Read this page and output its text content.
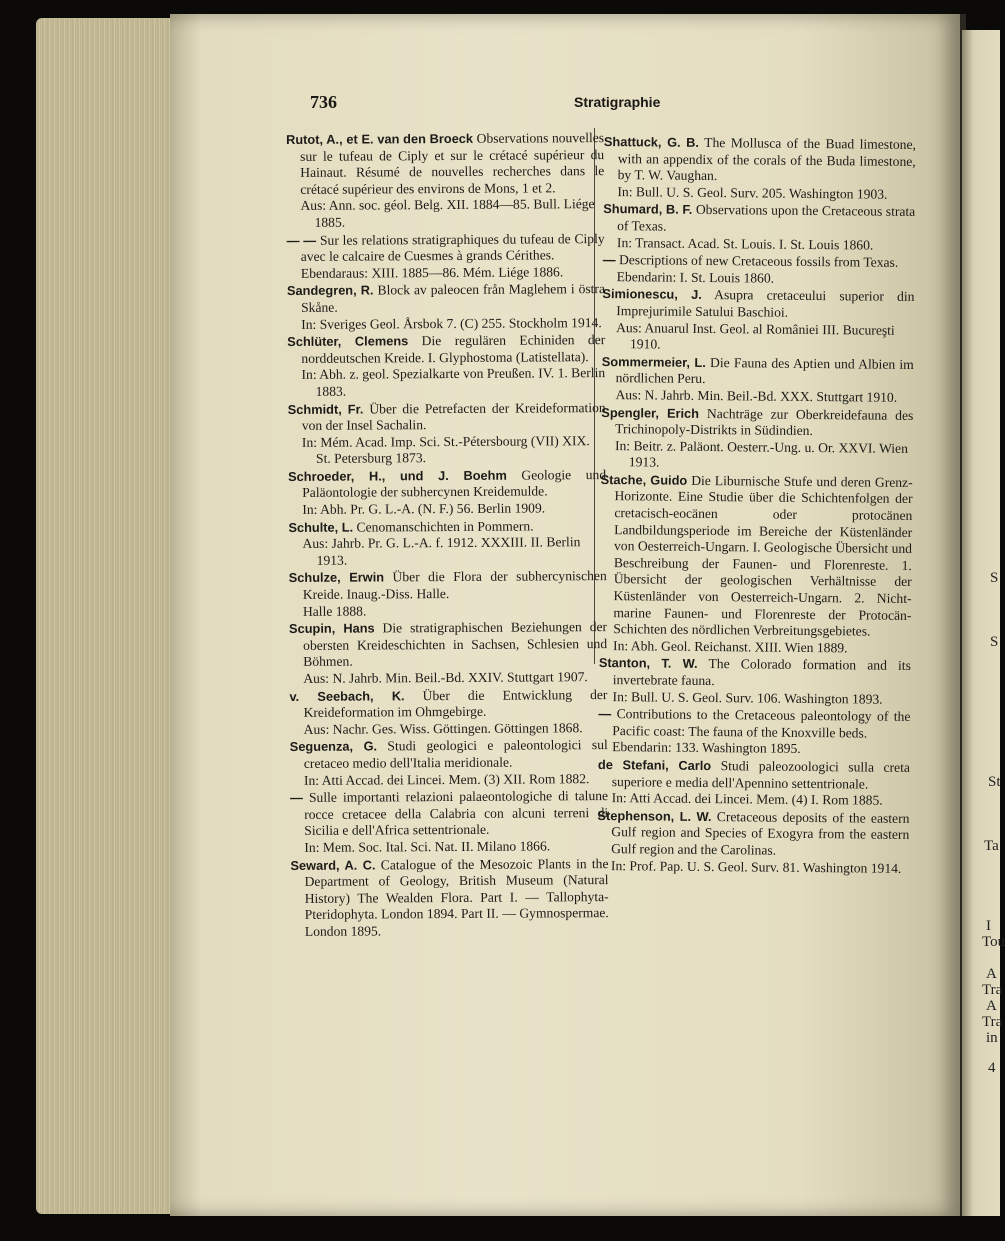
S
S
St
Ta
I
Tou
A
Tra
A
Tra
in
4
736	Stratigraphie
Rutot, A., et E. van den Broeck Observations nouvelles sur le tufeau de Ciply et sur le crétacé supérieur du Hainaut. Résumé de nouvelles recherches dans le crétacé supérieur des environs de Mons, 1 et 2.
Aus: Ann. soc. géol. Belg. XII. 1884—85. Bull. Liége 1885.
— — Sur les relations stratigraphiques du tufeau de Ciply avec le calcaire de Cuesmes à grands Cérithes.
Ebendaraus: XIII. 1885—86. Mém. Liége 1886.
Sandegren, R. Block av paleocen från Maglehem i östra Skåne.
In: Sveriges Geol. Årsbok 7. (C) 255. Stockholm 1914.
Schlüter, Clemens Die regulären Echiniden der norddeutschen Kreide. I. Glyphostoma (Latistellata).
In: Abh. z. geol. Spezialkarte von Preußen. IV. 1. Berlin 1883.
Schmidt, Fr. Über die Petrefacten der Kreideformation von der Insel Sachalin.
In: Mém. Acad. Imp. Sci. St.-Pétersbourg (VII) XIX. St. Petersburg 1873.
Schroeder, H., und J. Boehm Geologie und Paläontologie der subhercynen Kreidemulde.
In: Abh. Pr. G. L.-A. (N. F.) 56. Berlin 1909.
Schulte, L. Cenomanschichten in Pommern.
Aus: Jahrb. Pr. G. L.-A. f. 1912. XXXIII. II. Berlin 1913.
Schulze, Erwin Über die Flora der subhercynischen Kreide. Inaug.-Diss. Halle.
Halle 1888.
Scupin, Hans Die stratigraphischen Beziehungen der obersten Kreideschichten in Sachsen, Schlesien und Böhmen.
Aus: N. Jahrb. Min. Beil.-Bd. XXIV. Stuttgart 1907.
v. Seebach, K. Über die Entwicklung der Kreideformation im Ohmgebirge.
Aus: Nachr. Ges. Wiss. Göttingen. Göttingen 1868.
Seguenza, G. Studi geologici e paleontologici sul cretaceo medio dell'Italia meridionale.
In: Atti Accad. dei Lincei. Mem. (3) XII. Rom 1882.
— Sulle importanti relazioni palaeontologiche di talune rocce cretacee della Calabria con alcuni terreni di Sicilia e dell'Africa settentrionale.
In: Mem. Soc. Ital. Sci. Nat. II. Milano 1866.
Seward, A. C. Catalogue of the Mesozoic Plants in the Department of Geology, British Museum (Natural History) The Wealden Flora. Part I. — Tallophyta-Pteridophyta. London 1894. Part II. — Gymnospermae. London 1895.
Shattuck, G. B. The Mollusca of the Buad limestone, with an appendix of the corals of the Buda limestone, by T. W. Vaughan.
In: Bull. U. S. Geol. Surv. 205. Washington 1903.
Shumard, B. F. Observations upon the Cretaceous strata of Texas.
In: Transact. Acad. St. Louis. I. St. Louis 1860.
— Descriptions of new Cretaceous fossils from Texas.
Ebendarin: I. St. Louis 1860.
Simionescu, J. Asupra cretaceului superior din Imprejurimile Satului Baschioi.
Aus: Anuarul Inst. Geol. al României III. Bucureşti 1910.
Sommermeier, L. Die Fauna des Aptien und Albien im nördlichen Peru.
Aus: N. Jahrb. Min. Beil.-Bd. XXX. Stuttgart 1910.
Spengler, Erich Nachträge zur Oberkreidefauna des Trichinopoly-Distrikts in Südindien.
In: Beitr. z. Paläont. Oesterr.-Ung. u. Or. XXVI. Wien 1913.
Stache, Guido Die Liburnische Stufe und deren Grenz-Horizonte. Eine Studie über die Schichtenfolgen der cretacisch-eocänen oder protocänen Landbildungsperiode im Bereiche der Küstenländer von Oesterreich-Ungarn. I. Geologische Übersicht und Beschreibung der Faunen- und Florenreste. 1. Übersicht der geologischen Verhältnisse der Küstenländer von Oesterreich-Ungarn. 2. Nicht-marine Faunen- und Florenreste der Protocän-Schichten des nördlichen Verbreitungsgebietes.
In: Abh. Geol. Reichanst. XIII. Wien 1889.
Stanton, T. W. The Colorado formation and its invertebrate fauna.
In: Bull. U. S. Geol. Surv. 106. Washington 1893.
— Contributions to the Cretaceous paleontology of the Pacific coast: The fauna of the Knoxville beds.
Ebendarin: 133. Washington 1895.
de Stefani, Carlo Studi paleozoologici sulla creta superiore e media dell'Apennino settentrionale.
In: Atti Accad. dei Lincei. Mem. (4) I. Rom 1885.
Stephenson, L. W. Cretaceous deposits of the eastern Gulf region and Species of Exogyra from the eastern Gulf region and the Carolinas.
In: Prof. Pap. U. S. Geol. Surv. 81. Washington 1914.
